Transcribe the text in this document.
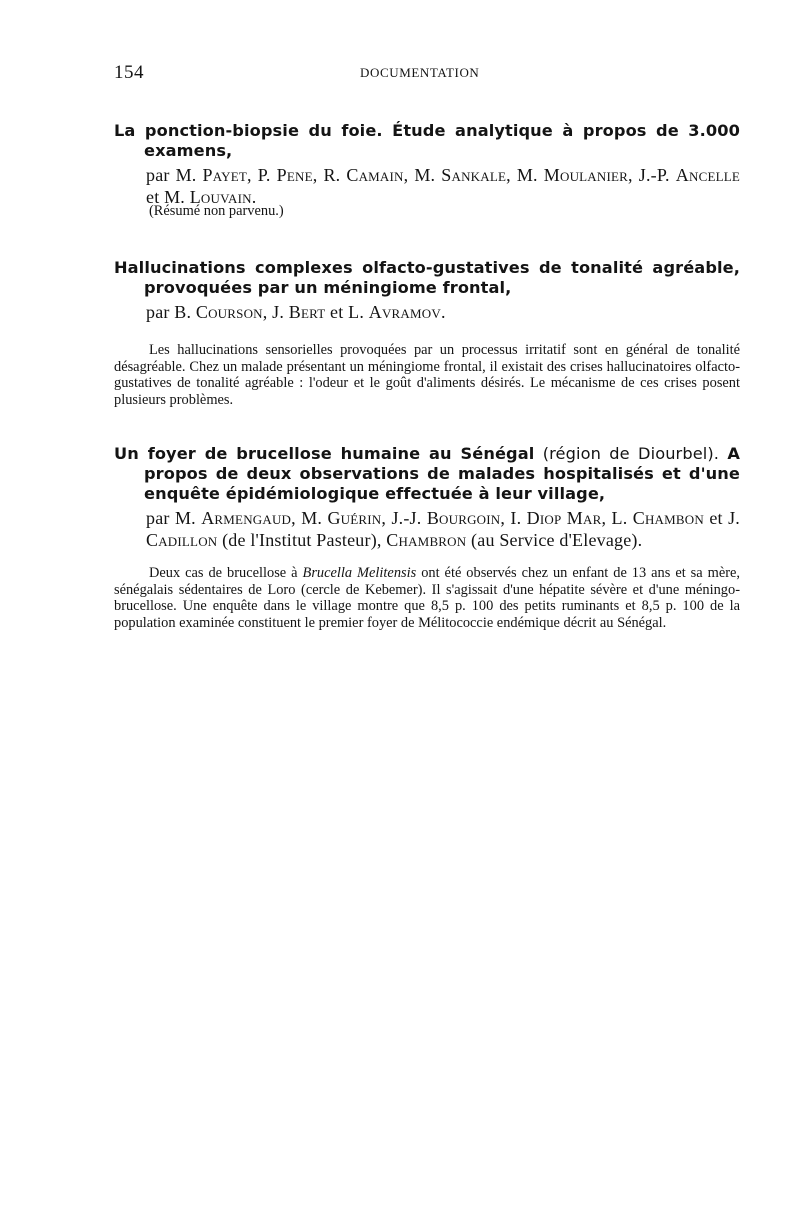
154	DOCUMENTATION

La ponction-biopsie du foie. Étude analytique à propos de 3.000 examens,

par M. Payet, P. Pene, R. Camain, M. Sankale, M. Moulanier, J.-P. Ancelle et M. Louvain.

(Résumé non parvenu.)

Hallucinations complexes olfacto-gustatives de tonalité agréable, provoquées par un méningiome frontal,

par B. Courson, J. Bert et L. Avramov.

Les hallucinations sensorielles provoquées par un processus irritatif sont en général de tonalité désagréable. Chez un malade présentant un méningiome frontal, il existait des crises hallucinatoires olfacto-gustatives de tonalité agréable : l'odeur et le goût d'aliments désirés. Le mécanisme de ces crises posent plusieurs problèmes.

Un foyer de brucellose humaine au Sénégal (région de Diourbel). A propos de deux observations de malades hospitalisés et d'une enquête épidémiologique effectuée à leur village,

par M. Armengaud, M. Guérin, J.-J. Bourgoin, I. Diop Mar, L. Chambon et J. Cadillon (de l'Institut Pasteur), Chambron (au Service d'Elevage).

Deux cas de brucellose à Brucella Melitensis ont été observés chez un enfant de 13 ans et sa mère, sénégalais sédentaires de Loro (cercle de Kebemer). Il s'agissait d'une hépatite sévère et d'une méningo-brucellose. Une enquête dans le village montre que 8,5 p. 100 des petits ruminants et 8,5 p. 100 de la population examinée constituent le premier foyer de Mélitococcie endémique décrit au Sénégal.
